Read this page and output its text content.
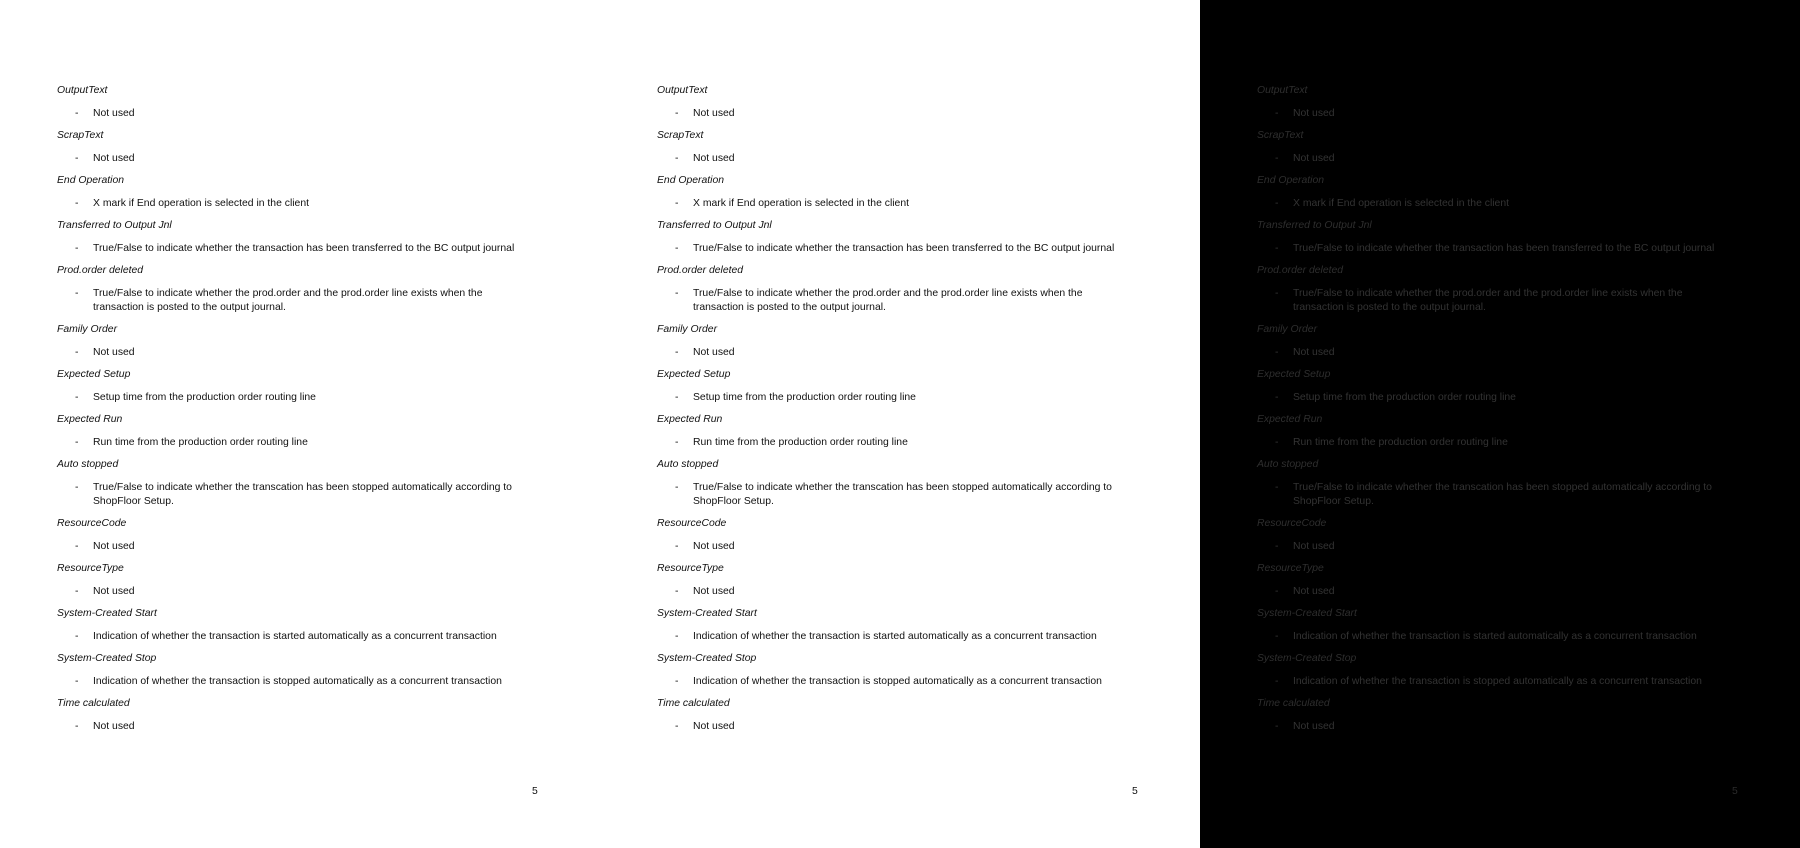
OutputText
- Not used
ScrapText
- Not used
End Operation
- X mark if End operation is selected in the client
Transferred to Output Jnl
- True/False to indicate whether the transaction has been transferred to the BC output journal
Prod.order deleted
- True/False to indicate whether the prod.order and the prod.order line exists when the transaction is posted to the output journal.
Family Order
- Not used
Expected Setup
- Setup time from the production order routing line
Expected Run
- Run time from the production order routing line
Auto stopped
- True/False to indicate whether the transcation has been stopped automatically according to ShopFloor Setup.
ResourceCode
- Not used
ResourceType
- Not used
System-Created Start
- Indication of whether the transaction is started automatically as a concurrent transaction
System-Created Stop
- Indication of whether the transaction is stopped automatically as a concurrent transaction
Time calculated
- Not used
5
OutputText
- Not used
ScrapText
- Not used
End Operation
- X mark if End operation is selected in the client
Transferred to Output Jnl
- True/False to indicate whether the transaction has been transferred to the BC output journal
Prod.order deleted
- True/False to indicate whether the prod.order and the prod.order line exists when the transaction is posted to the output journal.
Family Order
- Not used
Expected Setup
- Setup time from the production order routing line
Expected Run
- Run time from the production order routing line
Auto stopped
- True/False to indicate whether the transcation has been stopped automatically according to ShopFloor Setup.
ResourceCode
- Not used
ResourceType
- Not used
System-Created Start
- Indication of whether the transaction is started automatically as a concurrent transaction
System-Created Stop
- Indication of whether the transaction is stopped automatically as a concurrent transaction
Time calculated
- Not used
5
OutputText
- Not used
ScrapText
- Not used
End Operation
- X mark if End operation is selected in the client
Transferred to Output Jnl
- True/False to indicate whether the transaction has been transferred to the BC output journal
Prod.order deleted
- True/False to indicate whether the prod.order and the prod.order line exists when the transaction is posted to the output journal.
Family Order
- Not used
Expected Setup
- Setup time from the production order routing line
Expected Run
- Run time from the production order routing line
Auto stopped
- True/False to indicate whether the transcation has been stopped automatically according to ShopFloor Setup.
ResourceCode
- Not used
ResourceType
- Not used
System-Created Start
- Indication of whether the transaction is started automatically as a concurrent transaction
System-Created Stop
- Indication of whether the transaction is stopped automatically as a concurrent transaction
Time calculated
- Not used
5
